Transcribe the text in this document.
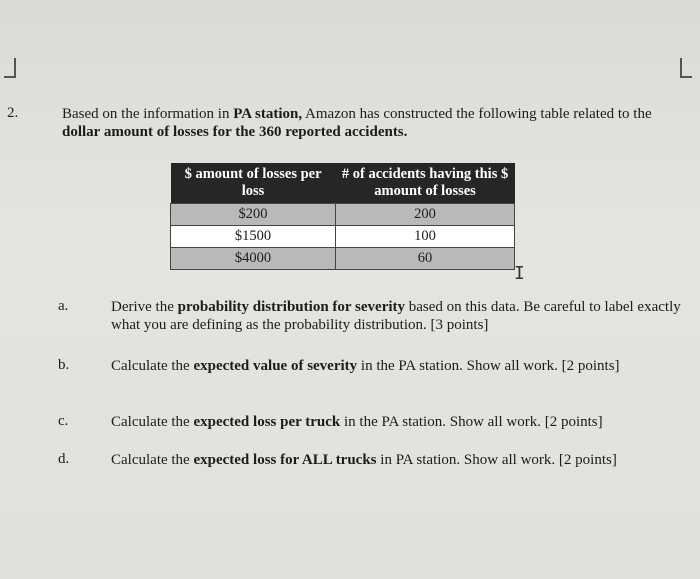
2.	Based on the information in PA station, Amazon has constructed the following table related to the dollar amount of losses for the 360 reported accidents.
$ amount of losses per loss	# of accidents having this $ amount of losses
$200	200
$1500	100
$4000	60
I
a.	Derive the probability distribution for severity based on this data. Be careful to label exactly what you are defining as the probability distribution. [3 points]
b.	Calculate the expected value of severity in the PA station. Show all work. [2 points]
c.	Calculate the expected loss per truck in the PA station. Show all work. [2 points]
d.	Calculate the expected loss for ALL trucks in PA station. Show all work. [2 points]
